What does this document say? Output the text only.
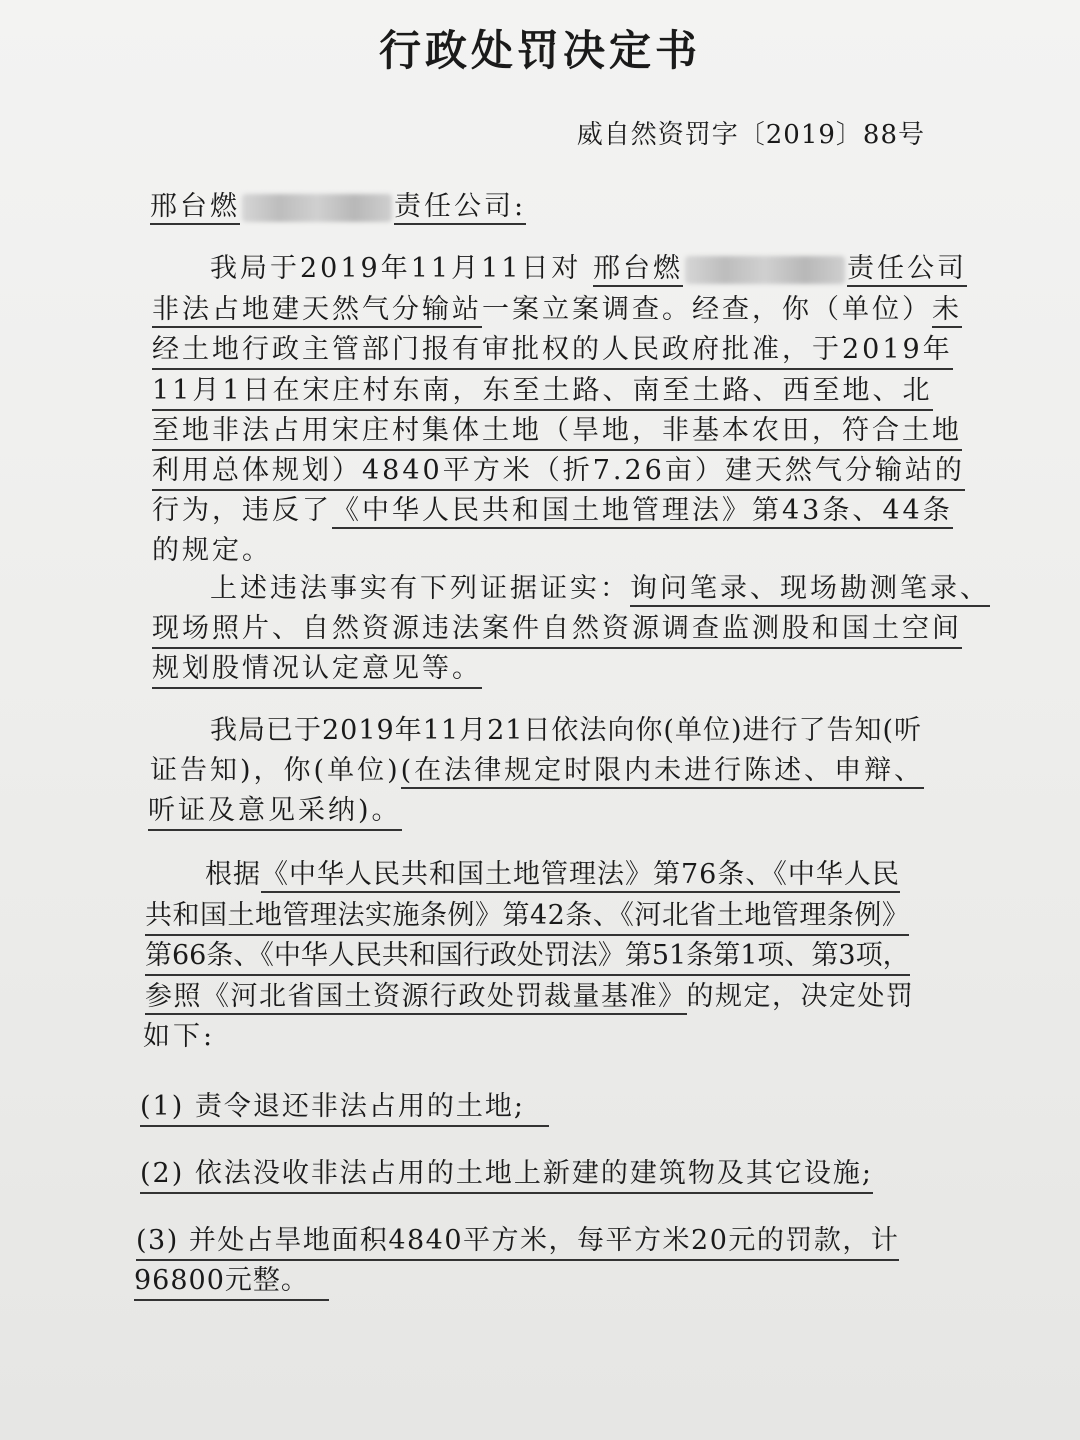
行政处罚决定书
威自然资罚字〔2019〕88号
邢台燃	责任公司:
我局于2019年11月11日对 邢台燃	责任公司
非法占地建天然气分输站一案立案调查。经查，你（单位）未
经土地行政主管部门报有审批权的人民政府批准，于2019年
11月1日在宋庄村东南，东至土路、南至土路、西至地、北
至地非法占用宋庄村集体土地（旱地，非基本农田，符合土地
利用总体规划）4840平方米（折7.26亩）建天然气分输站的
行为，违反了《中华人民共和国土地管理法》第43条、44条
的规定。
上述违法事实有下列证据证实：询问笔录、现场勘测笔录、
现场照片、自然资源违法案件自然资源调查监测股和国土空间
规划股情况认定意见等。
我局已于2019年11月21日依法向你(单位)进行了告知(听
证告知)，你(单位)(在法律规定时限内未进行陈述、申辩、
听证及意见采纳)。
根据《中华人民共和国土地管理法》第76条、《中华人民
共和国土地管理法实施条例》第42条、《河北省土地管理条例》
第66条、《中华人民共和国行政处罚法》第51条第1项、第3项，
参照《河北省国土资源行政处罚裁量基准》的规定，决定处罚
如下:
(1) 责令退还非法占用的土地;
(2) 依法没收非法占用的土地上新建的建筑物及其它设施;
(3) 并处占旱地面积4840平方米，每平方米20元的罚款，计
96800元整。
